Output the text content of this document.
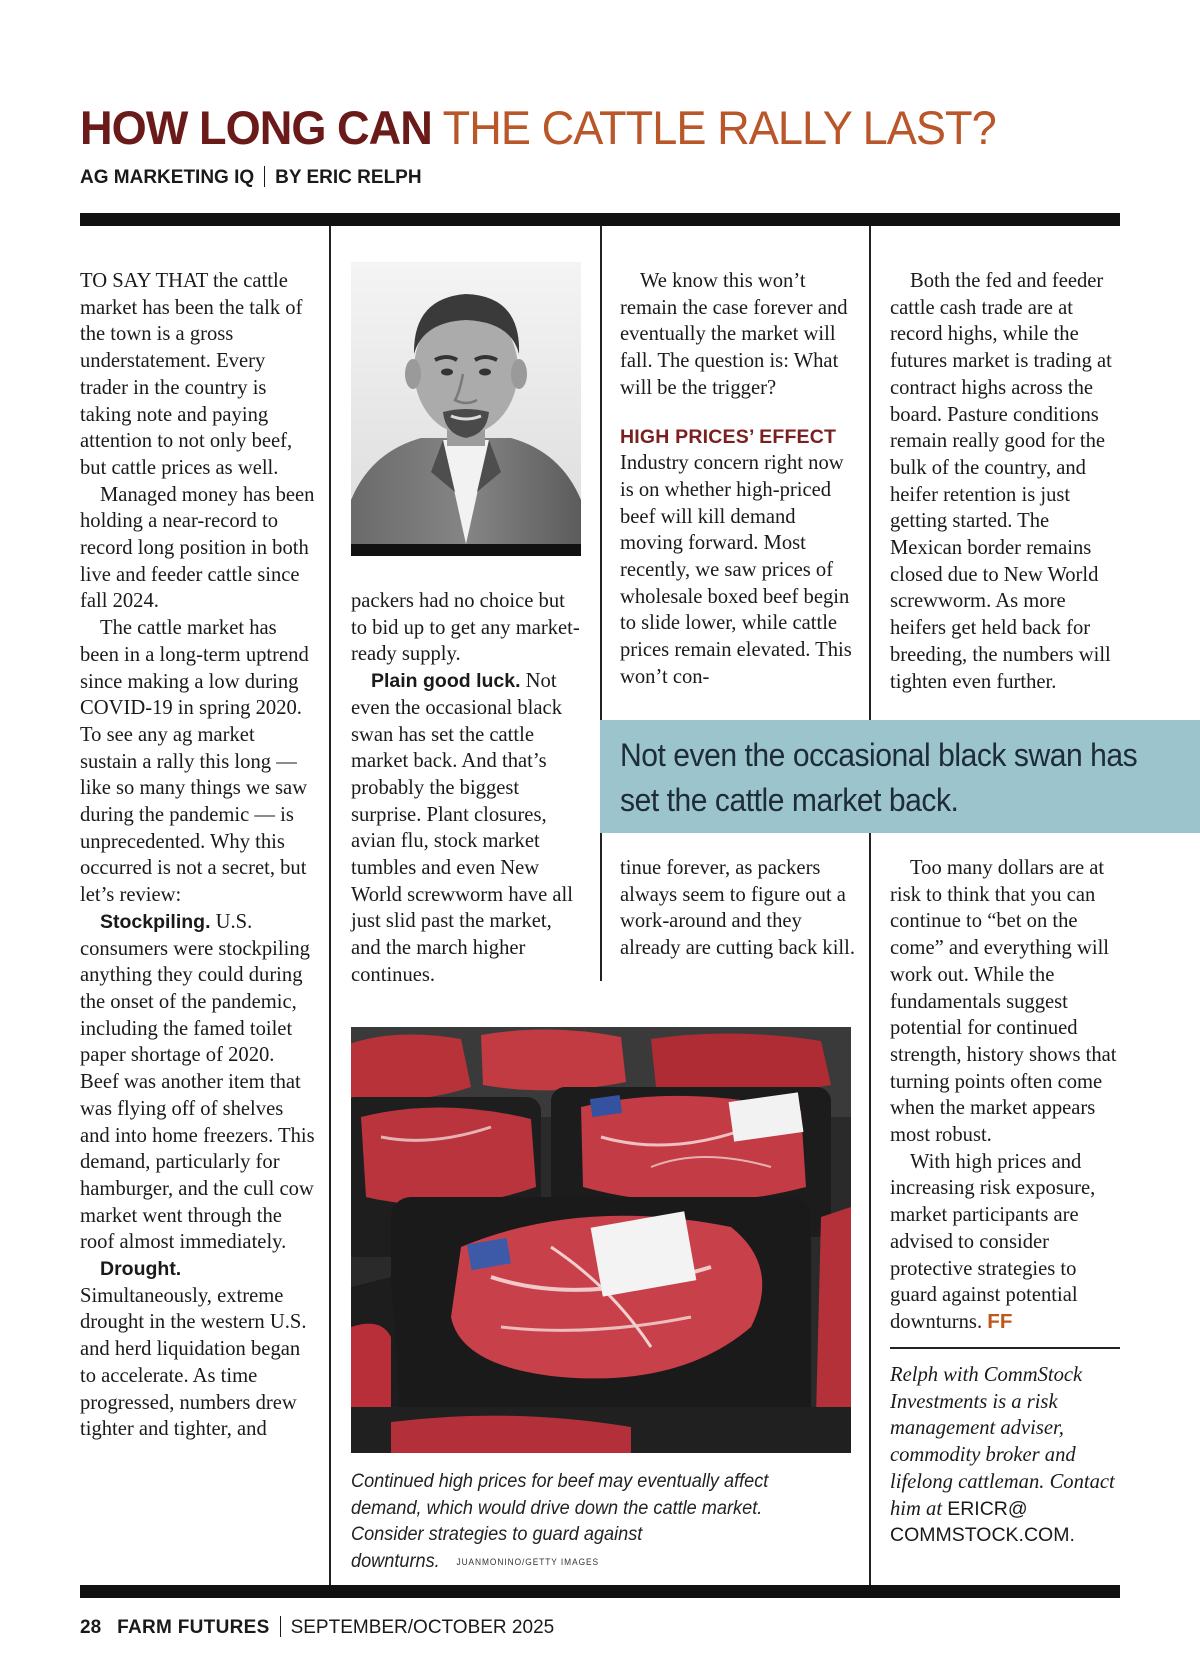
HOW LONG CAN THE CATTLE RALLY LAST?
AG MARKETING IQ BY ERIC RELPH

TO SAY THAT the cattle market has been the talk of the town is a gross understatement. Every trader in the country is taking note and paying attention to not only beef, but cattle prices as well.

Managed money has been holding a near-record to record long position in both live and feeder cattle since fall 2024.

The cattle market has been in a long-term uptrend since making a low during COVID-19 in spring 2020. To see any ag market sustain a rally this long — like so many things we saw during the pandemic — is unprecedented. Why this occurred is not a secret, but let’s review:

Stockpiling. U.S. consumers were stockpiling anything they could during the onset of the pandemic, including the famed toilet paper shortage of 2020. Beef was another item that was flying off of shelves and into home freezers. This demand, particularly for hamburger, and the cull cow market went through the roof almost immediately.

Drought. Simultaneously, extreme drought in the western U.S. and herd liquidation began to accelerate. As time progressed, numbers drew tighter and tighter, and

packers had no choice but to bid up to get any market-ready supply.

Plain good luck. Not even the occasional black swan has set the cattle market back. And that’s probably the biggest surprise. Plant closures, avian flu, stock market tumbles and even New World screwworm have all just slid past the market, and the march higher continues.

We know this won’t remain the case forever and eventually the market will fall. The question is: What will be the trigger?

HIGH PRICES’ EFFECT

Industry concern right now is on whether high-priced beef will kill demand moving forward. Most recently, we saw prices of wholesale boxed beef begin to slide lower, while cattle prices remain elevated. This won’t con-

Both the fed and feeder cattle cash trade are at record highs, while the futures market is trading at contract highs across the board. Pasture conditions remain really good for the bulk of the country, and heifer retention is just getting started. The Mexican border remains closed due to New World screwworm. As more heifers get held back for breeding, the numbers will tighten even further.

Not even the occasional black swan has set the cattle market back.

tinue forever, as packers always seem to figure out a work-around and they already are cutting back kill.

Too many dollars are at risk to think that you can continue to “bet on the come” and everything will work out. While the fundamentals suggest potential for continued strength, history shows that turning points often come when the market appears most robust.

With high prices and increasing risk exposure, market participants are advised to consider protective strategies to guard against potential downturns. FF

Continued high prices for beef may eventually affect demand, which would drive down the cattle market. Consider strategies to guard against downturns. JUANMONINO/GETTY IMAGES
Relph with CommStock Investments is a risk management adviser, commodity broker and lifelong cattleman. Contact him at ERICR@ COMMSTOCK.COM.
28 FARM FUTURES SEPTEMBER/OCTOBER 2025
